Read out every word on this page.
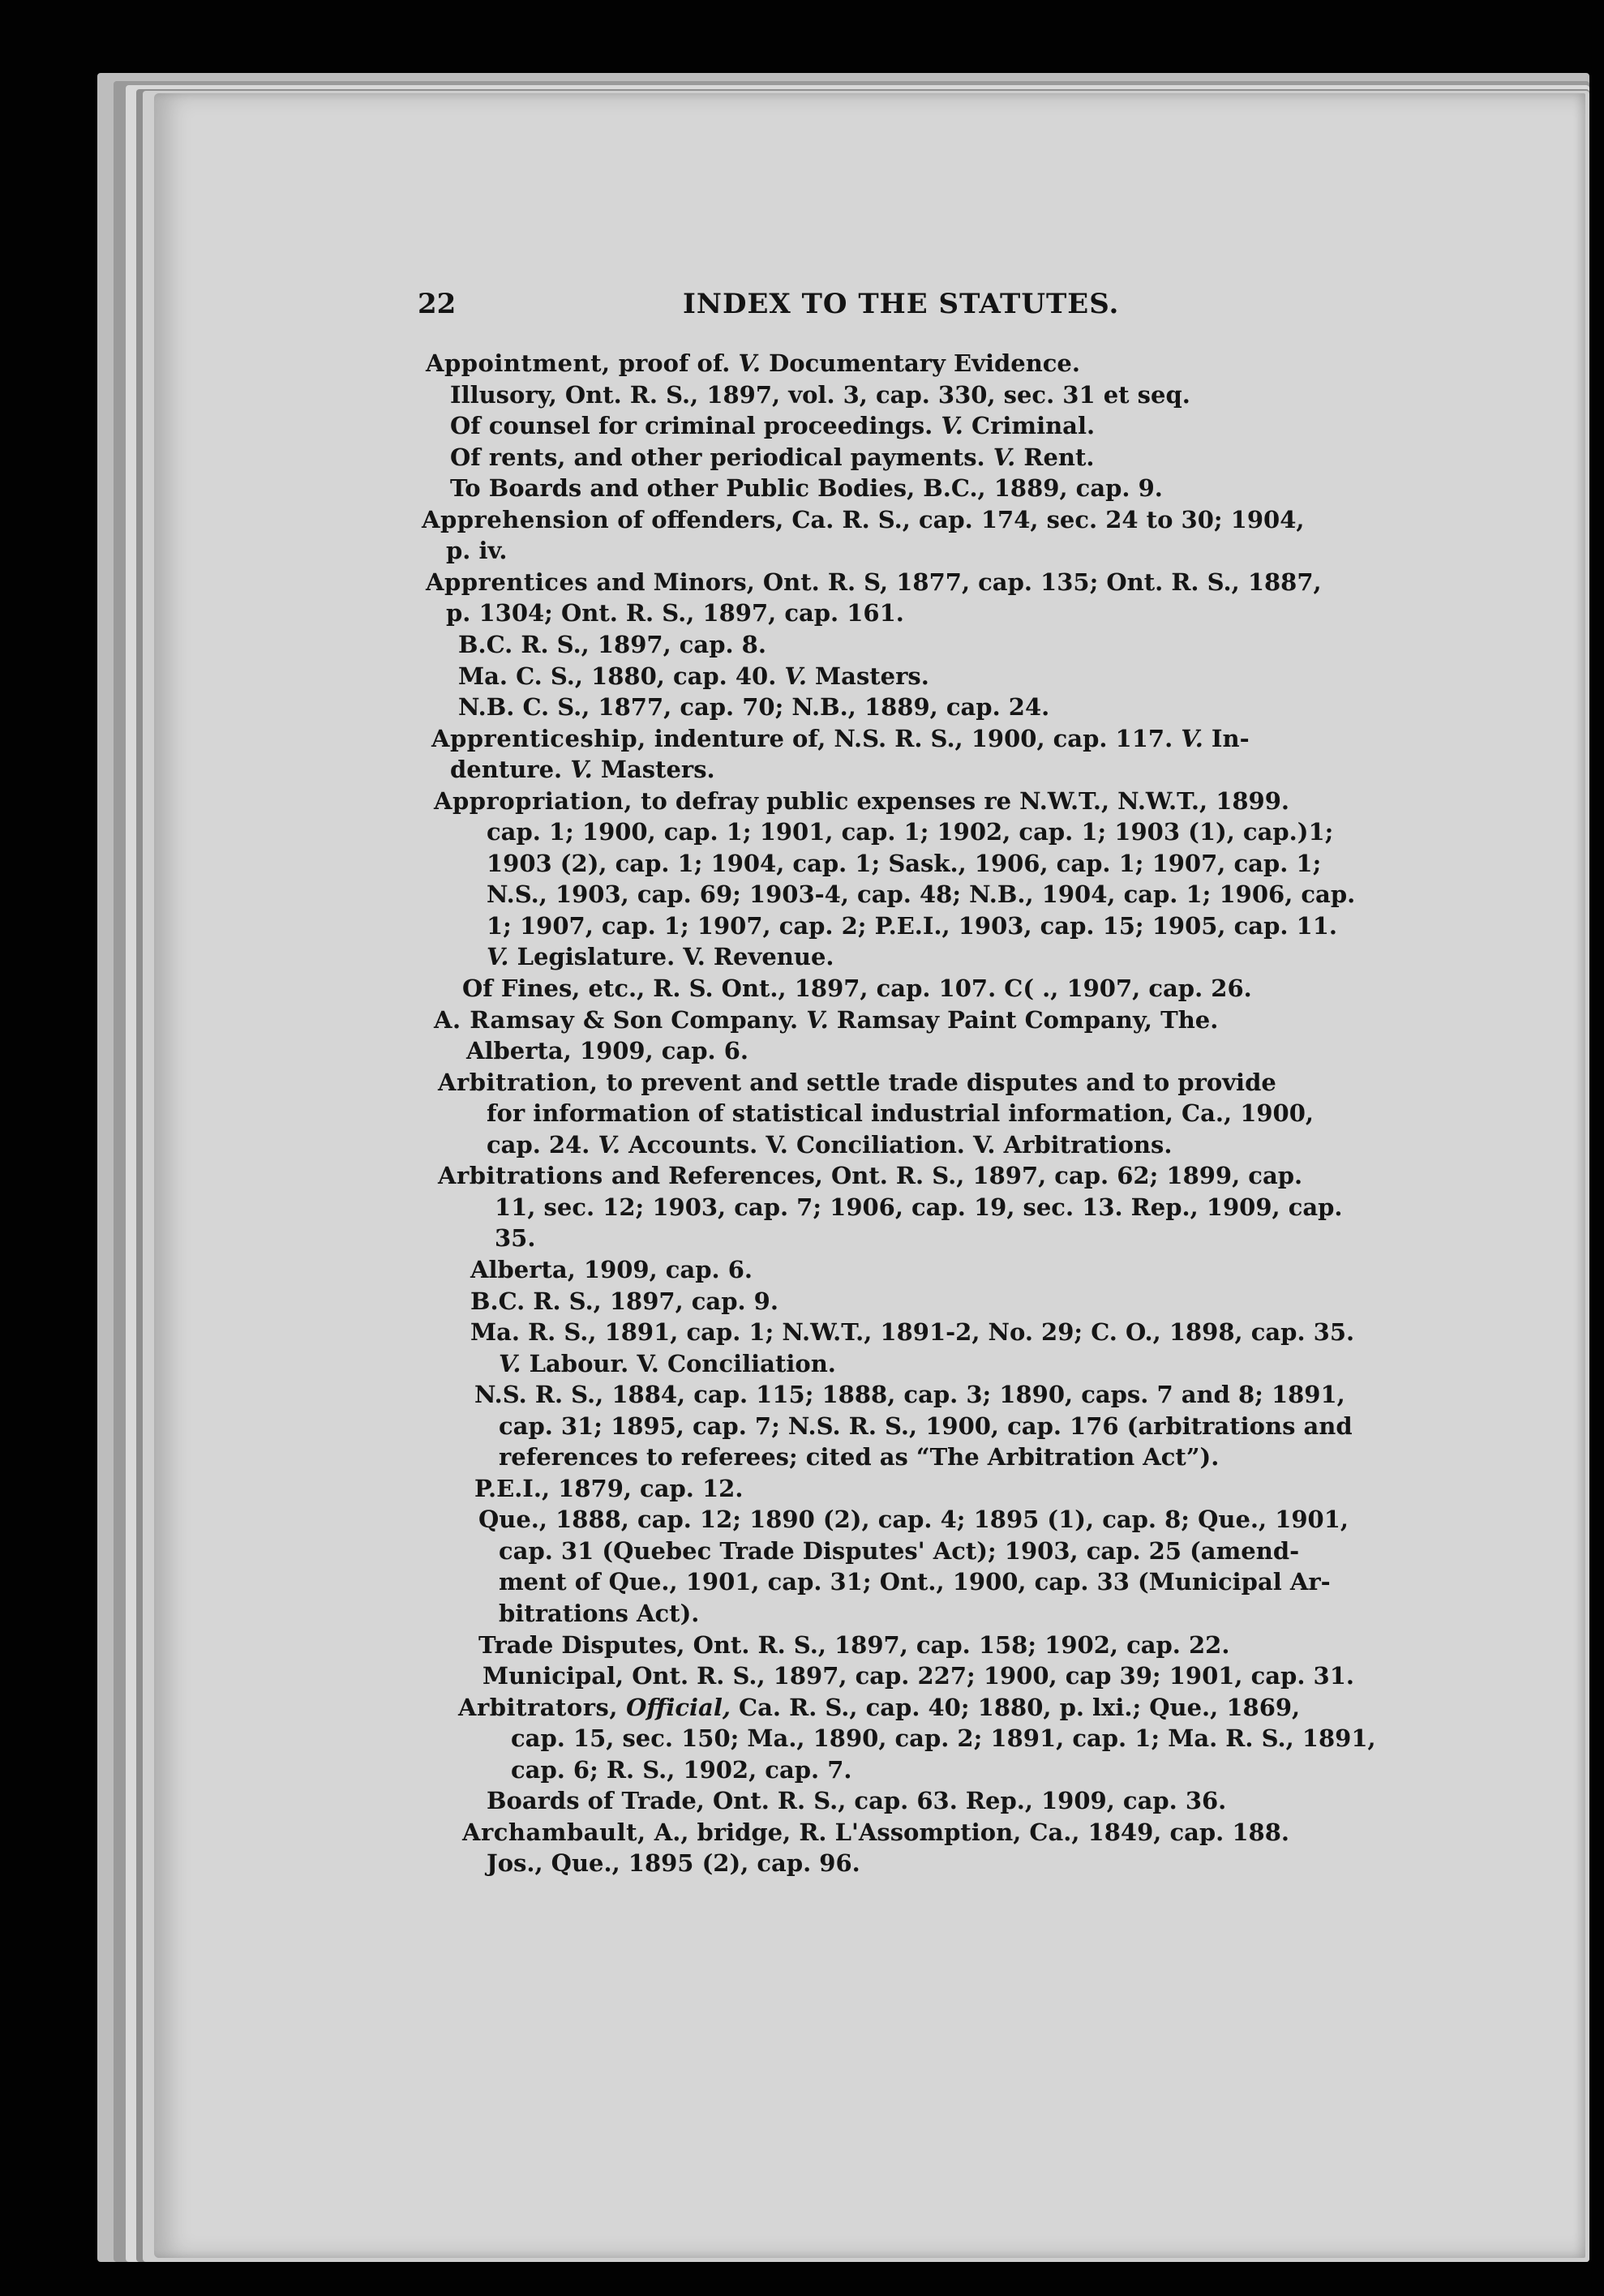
22	INDEX TO THE STATUTES.
Appointment, proof of. V. Documentary Evidence.
Illusory, Ont. R. S., 1897, vol. 3, cap. 330, sec. 31 et seq.
Of counsel for criminal proceedings. V. Criminal.
Of rents, and other periodical payments. V. Rent.
To Boards and other Public Bodies, B.C., 1889, cap. 9.
Apprehension of offenders, Ca. R. S., cap. 174, sec. 24 to 30; 1904,
p. iv.
Apprentices and Minors, Ont. R. S, 1877, cap. 135; Ont. R. S., 1887,
p. 1304; Ont. R. S., 1897, cap. 161.
B.C. R. S., 1897, cap. 8.
Ma. C. S., 1880, cap. 40. V. Masters.
N.B. C. S., 1877, cap. 70; N.B., 1889, cap. 24.
Apprenticeship, indenture of, N.S. R. S., 1900, cap. 117. V. In-
denture. V. Masters.
Appropriation, to defray public expenses re N.W.T., N.W.T., 1899.
cap. 1; 1900, cap. 1; 1901, cap. 1; 1902, cap. 1; 1903 (1), cap.)1;
1903 (2), cap. 1; 1904, cap. 1; Sask., 1906, cap. 1; 1907, cap. 1;
N.S., 1903, cap. 69; 1903-4, cap. 48; N.B., 1904, cap. 1; 1906, cap.
1; 1907, cap. 1; 1907, cap. 2; P.E.I., 1903, cap. 15; 1905, cap. 11.
V. Legislature. V. Revenue.
Of Fines, etc., R. S. Ont., 1897, cap. 107. C( ., 1907, cap. 26.
A. Ramsay & Son Company. V. Ramsay Paint Company, The.
Alberta, 1909, cap. 6.
Arbitration, to prevent and settle trade disputes and to provide
for information of statistical industrial information, Ca., 1900,
cap. 24. V. Accounts. V. Conciliation. V. Arbitrations.
Arbitrations and References, Ont. R. S., 1897, cap. 62; 1899, cap.
11, sec. 12; 1903, cap. 7; 1906, cap. 19, sec. 13. Rep., 1909, cap.
35.
Alberta, 1909, cap. 6.
B.C. R. S., 1897, cap. 9.
Ma. R. S., 1891, cap. 1; N.W.T., 1891-2, No. 29; C. O., 1898, cap. 35.
V. Labour. V. Conciliation.
N.S. R. S., 1884, cap. 115; 1888, cap. 3; 1890, caps. 7 and 8; 1891,
cap. 31; 1895, cap. 7; N.S. R. S., 1900, cap. 176 (arbitrations and
references to referees; cited as “The Arbitration Act”).
P.E.I., 1879, cap. 12.
Que., 1888, cap. 12; 1890 (2), cap. 4; 1895 (1), cap. 8; Que., 1901,
cap. 31 (Quebec Trade Disputes' Act); 1903, cap. 25 (amend-
ment of Que., 1901, cap. 31; Ont., 1900, cap. 33 (Municipal Ar-
bitrations Act).
Trade Disputes, Ont. R. S., 1897, cap. 158; 1902, cap. 22.
Municipal, Ont. R. S., 1897, cap. 227; 1900, cap 39; 1901, cap. 31.
Arbitrators, Official, Ca. R. S., cap. 40; 1880, p. lxi.; Que., 1869,
cap. 15, sec. 150; Ma., 1890, cap. 2; 1891, cap. 1; Ma. R. S., 1891,
cap. 6; R. S., 1902, cap. 7.
Boards of Trade, Ont. R. S., cap. 63. Rep., 1909, cap. 36.
Archambault, A., bridge, R. L'Assomption, Ca., 1849, cap. 188.
Jos., Que., 1895 (2), cap. 96.
